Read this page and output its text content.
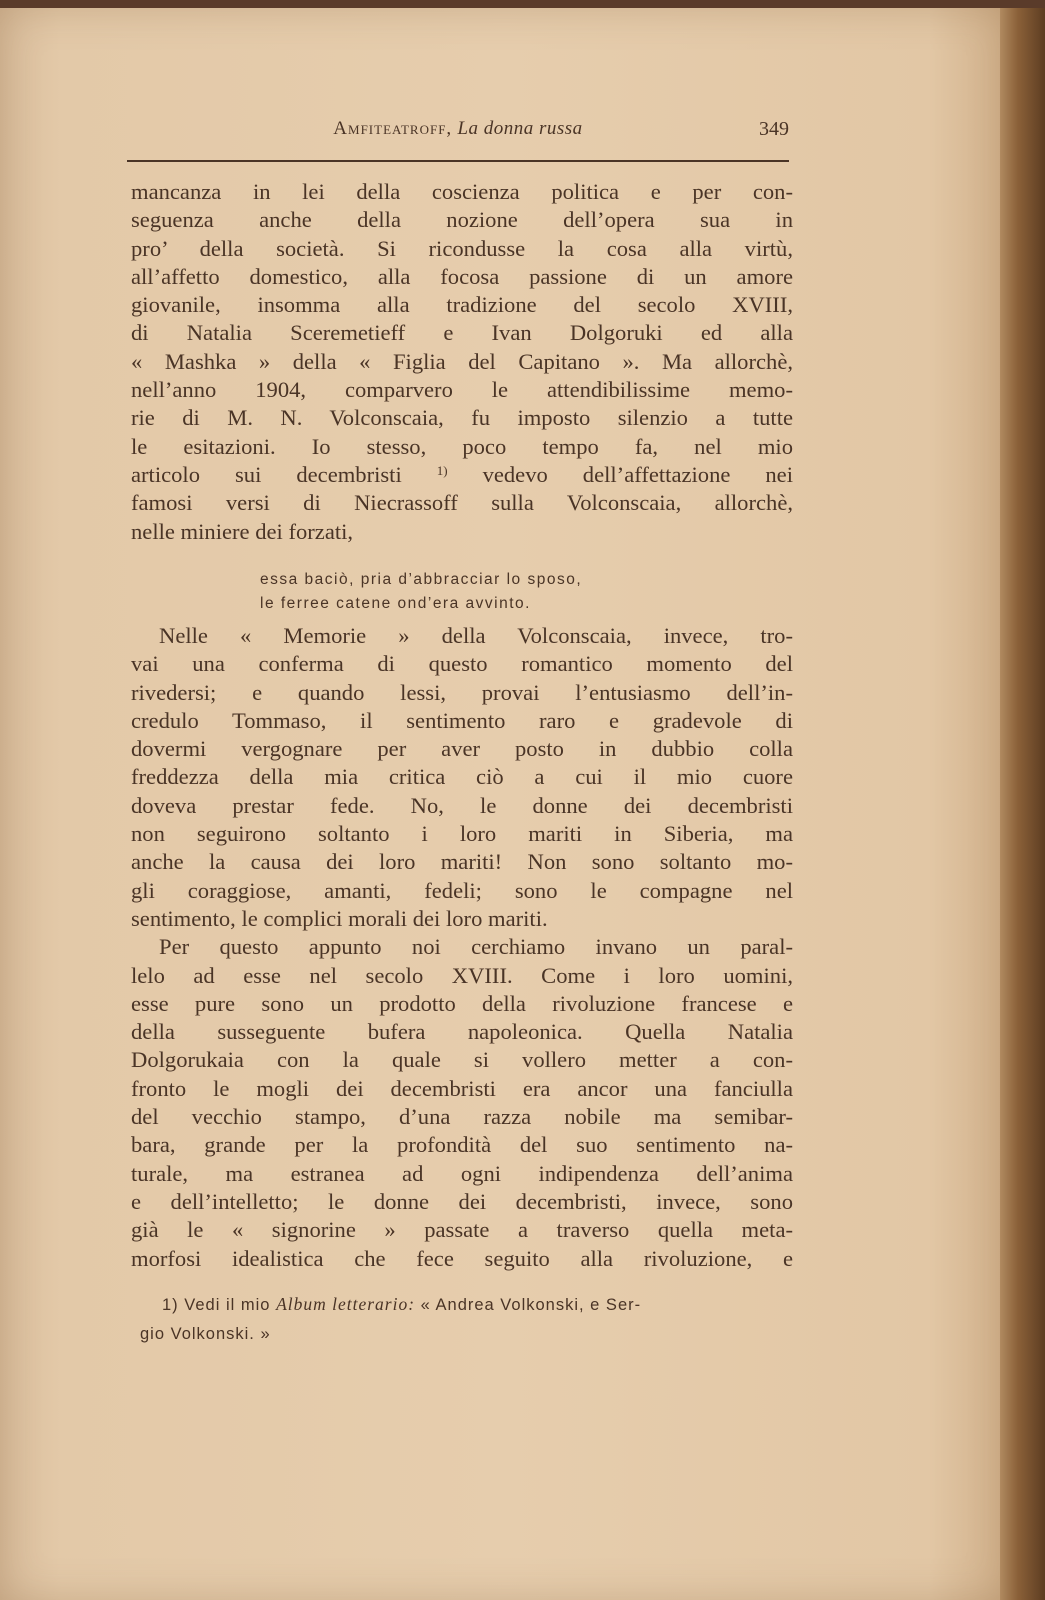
Amfiteatroff, La donna russa	349
mancanza in lei della coscienza politica e per con-
seguenza anche della nozione dell’opera sua in
pro’ della società. Si ricondusse la cosa alla virtù,
all’affetto domestico, alla focosa passione di un amore
giovanile, insomma alla tradizione del secolo XVIII,
di Natalia Sceremetieff e Ivan Dolgoruki ed alla
« Mashka » della « Figlia del Capitano ». Ma allorchè,
nell’anno 1904, comparvero le attendibilissime memo-
rie di M. N. Volconscaia, fu imposto silenzio a tutte
le esitazioni. Io stesso, poco tempo fa, nel mio
articolo sui decembristi	$^{1)}$ vedevo dell’affettazione nei
famosi versi di Niecrassoff sulla Volconscaia, allorchè,
nelle miniere dei forzati,
essa baciò, pria d’abbracciar lo sposo,
le ferree catene ond’era avvinto.
Nelle « Memorie » della Volconscaia, invece, tro-
vai una conferma di questo romantico momento del
rivedersi; e quando lessi, provai l’entusiasmo dell’in-
credulo Tommaso, il sentimento raro e gradevole di
dovermi vergognare per aver posto in dubbio colla
freddezza della mia critica ciò a cui il mio cuore
doveva prestar fede. No, le donne dei decembristi
non seguirono soltanto i loro mariti in Siberia, ma
anche la causa dei loro mariti! Non sono soltanto mo-
gli coraggiose, amanti, fedeli; sono le compagne nel
sentimento, le complici morali dei loro mariti.
Per questo appunto noi cerchiamo invano un paral-
lelo ad esse nel secolo XVIII. Come i loro uomini,
esse pure sono un prodotto della rivoluzione francese e
della susseguente bufera napoleonica. Quella Natalia
Dolgorukaia con la quale si vollero metter a con-
fronto le mogli dei decembristi era ancor una fanciulla
del vecchio stampo, d’una razza nobile ma semibar-
bara, grande per la profondità del suo sentimento na-
turale, ma estranea ad ogni indipendenza dell’anima
e dell’intelletto; le donne dei decembristi, invece, sono
già le « signorine » passate a traverso quella meta-
morfosi idealistica che fece seguito alla rivoluzione, e
1) Vedi il mio Album letterario: « Andrea Volkonski, e Ser-
gio Volkonski. »
